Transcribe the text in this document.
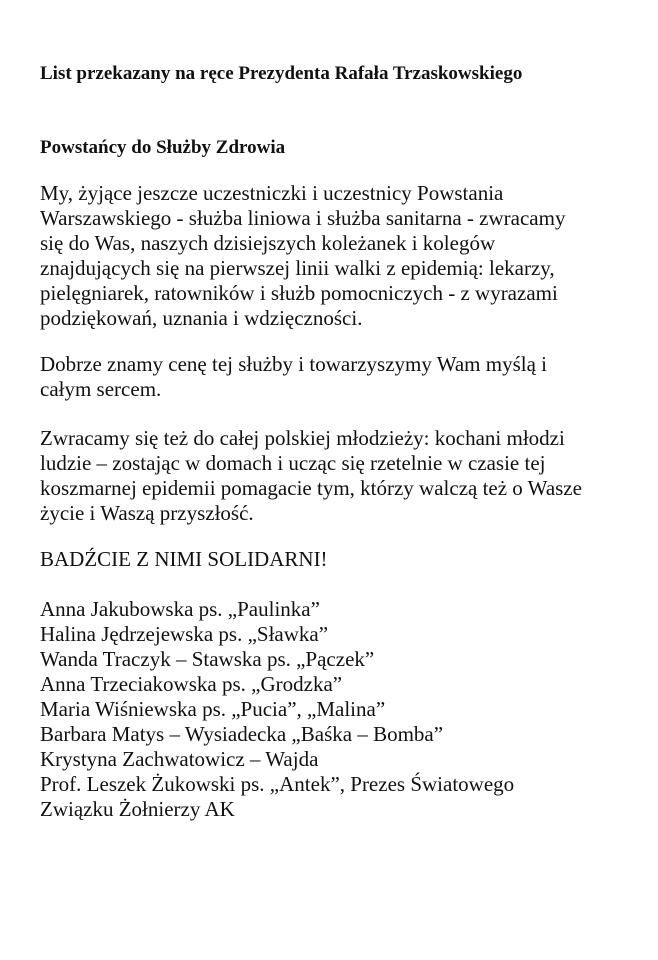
List przekazany na ręce Prezydenta Rafała Trzaskowskiego
Powstańcy do Służby Zdrowia

My, żyjące jeszcze uczestniczki i uczestnicy Powstania
Warszawskiego - służba liniowa i służba sanitarna - zwracamy
się do Was, naszych dzisiejszych koleżanek i kolegów
znajdujących się na pierwszej linii walki z epidemią: lekarzy,
pielęgniarek, ratowników i służb pomocniczych - z wyrazami
podziękowań, uznania i wdzięczności.

Dobrze znamy cenę tej służby i towarzyszymy Wam myślą i
całym sercem.

Zwracamy się też do całej polskiej młodzieży: kochani młodzi
ludzie – zostając w domach i ucząc się rzetelnie w czasie tej
koszmarnej epidemii pomagacie tym, którzy walczą też o Wasze
życie i Waszą przyszłość.

BADŹCIE Z NIMI SOLIDARNI!

Anna Jakubowska ps. „Paulinka”
Halina Jędrzejewska ps. „Sławka”
Wanda Traczyk – Stawska ps. „Pączek”
Anna Trzeciakowska ps. „Grodzka”
Maria Wiśniewska ps. „Pucia”, „Malina”
Barbara Matys – Wysiadecka „Baśka – Bomba”
Krystyna Zachwatowicz – Wajda
Prof. Leszek Żukowski ps. „Antek”, Prezes Światowego
Związku Żołnierzy AK
